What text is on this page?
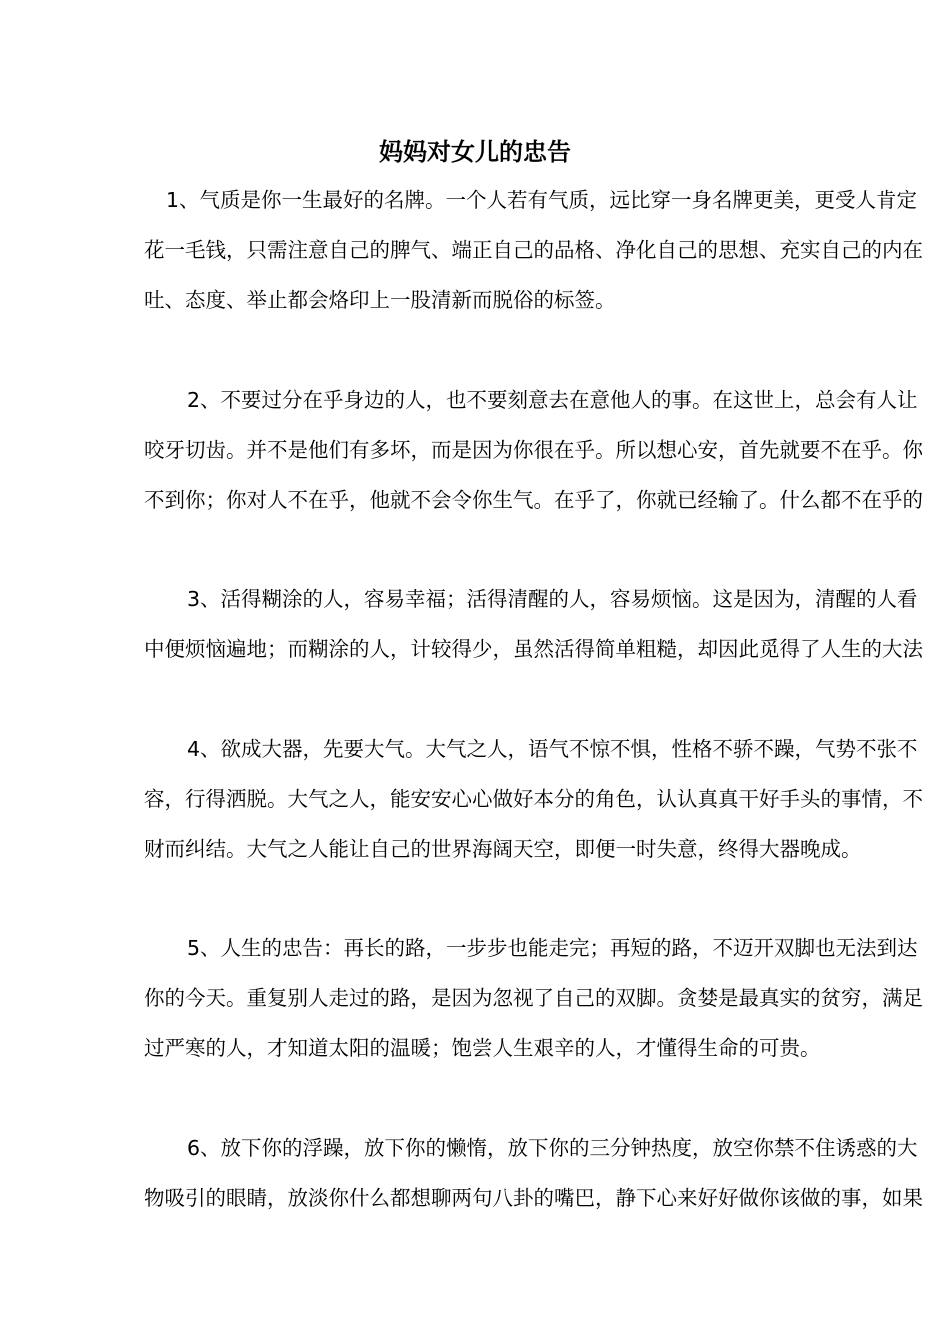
妈妈对女儿的忠告
1、气质是你一生最好的名牌。一个人若有气质，远比穿一身名牌更美，更受人肯定
花一毛钱，只需注意自己的脾气、端正自己的品格、净化自己的思想、充实自己的内在
吐、态度、举止都会烙印上一股清新而脱俗的标签。
2、不要过分在乎身边的人，也不要刻意去在意他人的事。在这世上，总会有人让
咬牙切齿。并不是他们有多坏，而是因为你很在乎。所以想心安，首先就要不在乎。你
不到你；你对人不在乎，他就不会令你生气。在乎了，你就已经输了。什么都不在乎的
3、活得糊涂的人，容易幸福；活得清醒的人，容易烦恼。这是因为，清醒的人看
中便烦恼遍地；而糊涂的人，计较得少，虽然活得简单粗糙，却因此觅得了人生的大法
4、欲成大器，先要大气。大气之人，语气不惊不惧，性格不骄不躁，气势不张不
容，行得洒脱。大气之人，能安安心心做好本分的角色，认认真真干好手头的事情，不
财而纠结。大气之人能让自己的世界海阔天空，即便一时失意，终得大器晚成。
5、人生的忠告：再长的路，一步步也能走完；再短的路，不迈开双脚也无法到达
你的今天。重复别人走过的路，是因为忽视了自己的双脚。贪婪是最真实的贫穷，满足
过严寒的人，才知道太阳的温暖；饱尝人生艰辛的人，才懂得生命的可贵。
6、放下你的浮躁，放下你的懒惰，放下你的三分钟热度，放空你禁不住诱惑的大
物吸引的眼睛，放淡你什么都想聊两句八卦的嘴巴，静下心来好好做你该做的事，如果
